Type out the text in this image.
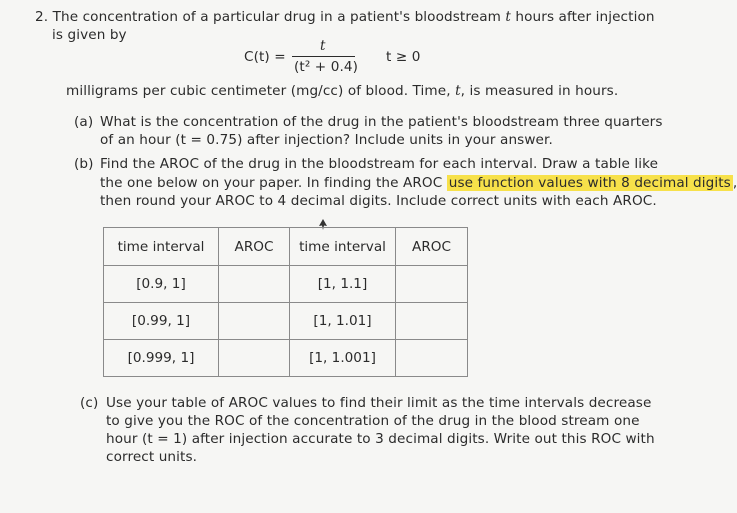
2. The concentration of a particular drug in a patient's bloodstream t hours after injection
is given by
C(t) =
t
(t² + 0.4)
t ≥ 0
milligrams per cubic centimeter (mg/cc) of blood. Time, t, is measured in hours.
(a) What is the concentration of the drug in the patient's bloodstream three quarters
of an hour (t = 0.75) after injection? Include units in your answer.
(b) Find the AROC of the drug in the bloodstream for each interval. Draw a table like
the one below on your paper. In finding the AROC use function values with 8 decimal digits ,
then round your AROC to 4 decimal digits. Include correct units with each AROC.
time interval	AROC	time interval	AROC
[0.9, 1]		[1, 1.1]	
[0.99, 1]		[1, 1.01]	
[0.999, 1]		[1, 1.001]	
(c) Use your table of AROC values to find their limit as the time intervals decrease
to give you the ROC of the concentration of the drug in the blood stream one
hour (t = 1) after injection accurate to 3 decimal digits. Write out this ROC with
correct units.
